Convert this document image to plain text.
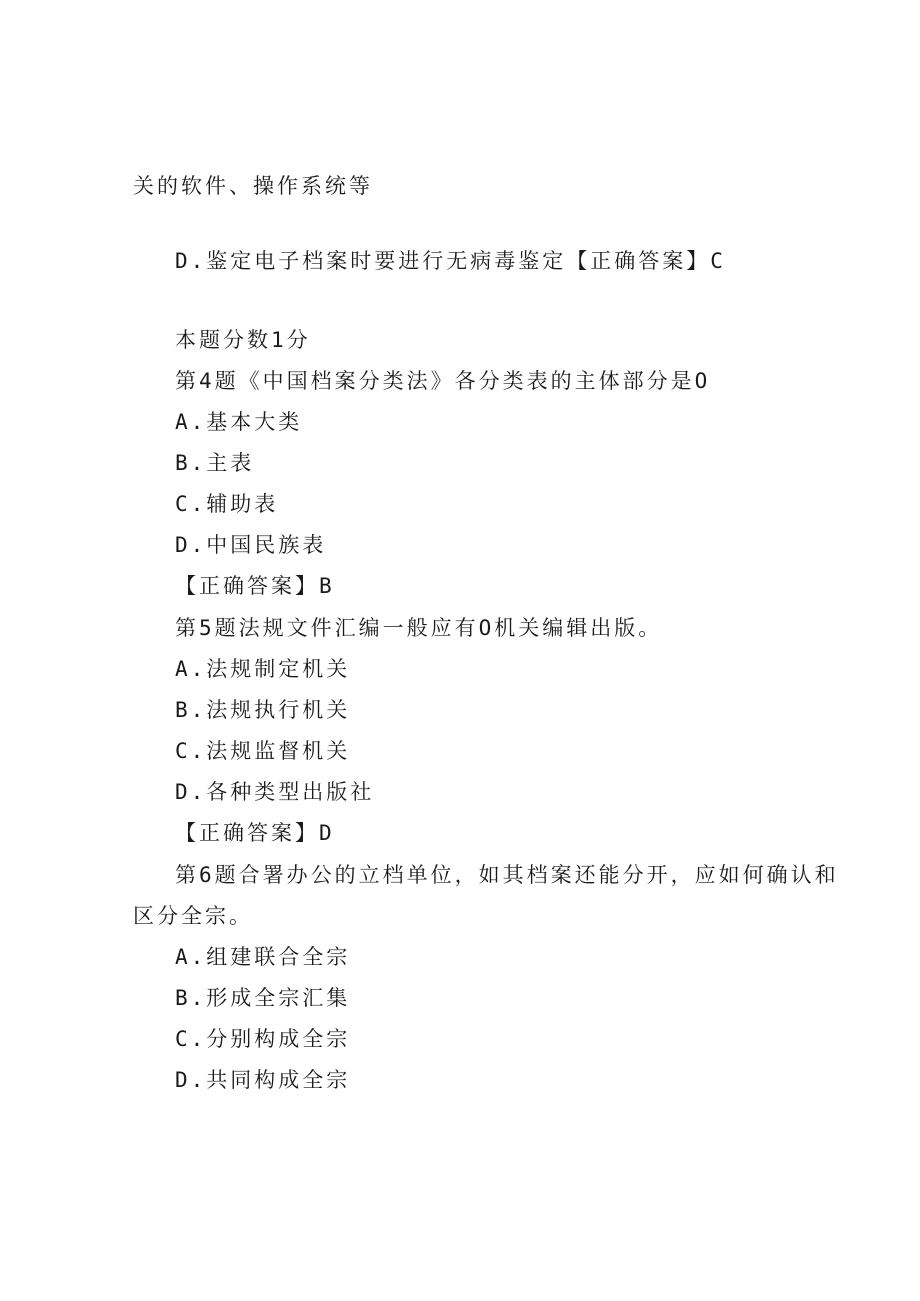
关的软件、操作系统等
D.鉴定电子档案时要进行无病毒鉴定【正确答案】C
本题分数1分
第4题《中国档案分类法》各分类表的主体部分是O
A.基本大类
B.主表
C.辅助表
D.中国民族表
【正确答案】B
第5题法规文件汇编一般应有O机关编辑出版。
A.法规制定机关
B.法规执行机关
C.法规监督机关
D.各种类型出版社
【正确答案】D
第6题合署办公的立档单位，如其档案还能分开，应如何确认和
区分全宗。
A.组建联合全宗
B.形成全宗汇集
C.分别构成全宗
D.共同构成全宗
